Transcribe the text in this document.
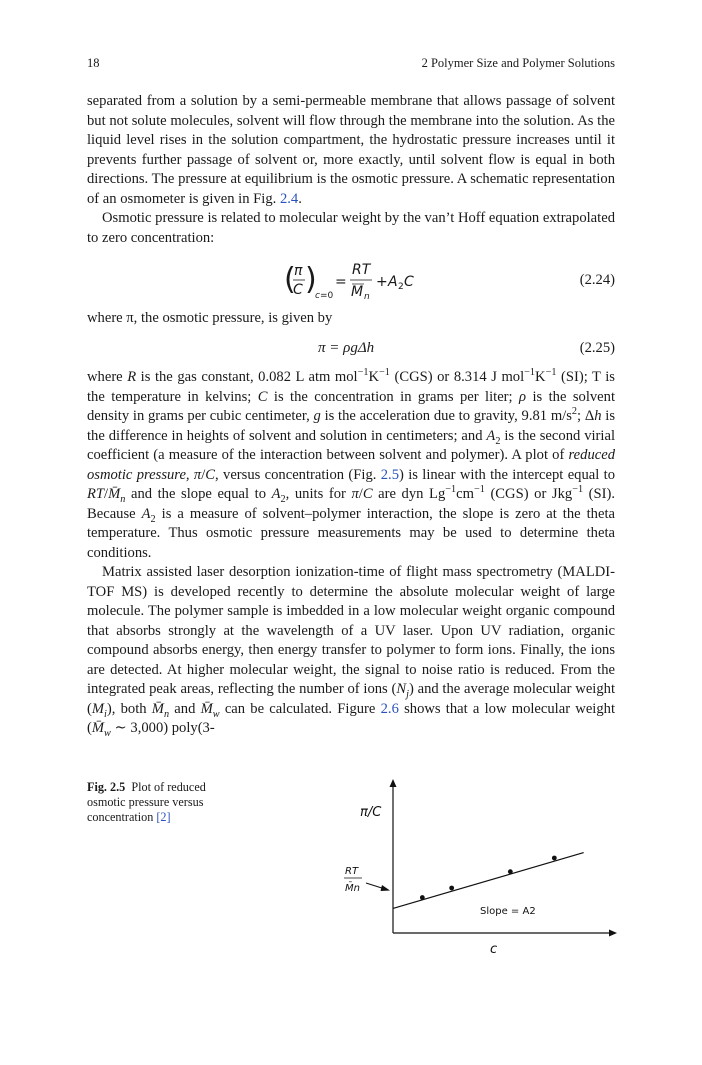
18	2 Polymer Size and Polymer Solutions

separated from a solution by a semi-permeable membrane that allows passage of solvent but not solute molecules, solvent will flow through the membrane into the solution. As the liquid level rises in the solution compartment, the hydrostatic pressure increases until it prevents further passage of solvent or, more exactly, until solvent flow is equal in both directions. The pressure at equilibrium is the osmotic pressure. A schematic representation of an osmometer is given in Fig. 2.4.

Osmotic pressure is related to molecular weight by the van’t Hoff equation extrapolated to zero concentration:

(
π
C )
c =0
=
RT
M n
+ A 2 C	(2.24)
where π, the osmotic pressure, is given by
π = ρgΔh	(2.25)

where R is the gas constant, 0.082 L atm $mol^{-1}K^{-1}$ (CGS) or 8.314 J $mol^{-1}K^{-1}$ (SI); T is the temperature in kelvins; C is the concentration in grams per liter; ρ is the solvent density in grams per cubic centimeter, g is the acceleration due to gravity, 9.81 $m/s^2$; Δh is the difference in heights of solvent and solution in centimeters; and $A_2$ is the second virial coefficient (a measure of the interaction between solvent and polymer). A plot of reduced osmotic pressure, π/C, versus concentration (Fig. 2.5) is linear with the intercept equal to $RT/M̄_n$ and the slope equal to $A_2$, units for π/C are dyn $Lg^{-1}cm^{-1}$ (CGS) or Jkg$^{-1}$ (SI). Because $A_2$ is a measure of solvent–polymer interaction, the slope is zero at the theta temperature. Thus osmotic pressure measurements may be used to determine theta conditions.

Matrix assisted laser desorption ionization-time of flight mass spectrometry (MALDI-TOF MS) is developed recently to determine the absolute molecular weight of large molecule. The polymer sample is imbedded in a low molecular weight organic compound that absorbs strongly at the wavelength of a UV laser. Upon UV radiation, organic compound absorbs energy, then energy transfer to polymer to form ions. Finally, the ions are detected. At higher molecular weight, the signal to noise ratio is reduced. From the integrated peak areas, reflecting the number of ions $(N_j)$ and the average molecular weight $(M_i)$, both $M̄_n$ and $M̄_w$ can be calculated. Figure 2.6 shows that a low molecular weight ($M̄_w$ ∼ 3,000) poly(3-

Fig. 2.5 Plot of reduced osmotic pressure versus concentration [2]	π/C
c
RT
M̄n
Slope = A2
